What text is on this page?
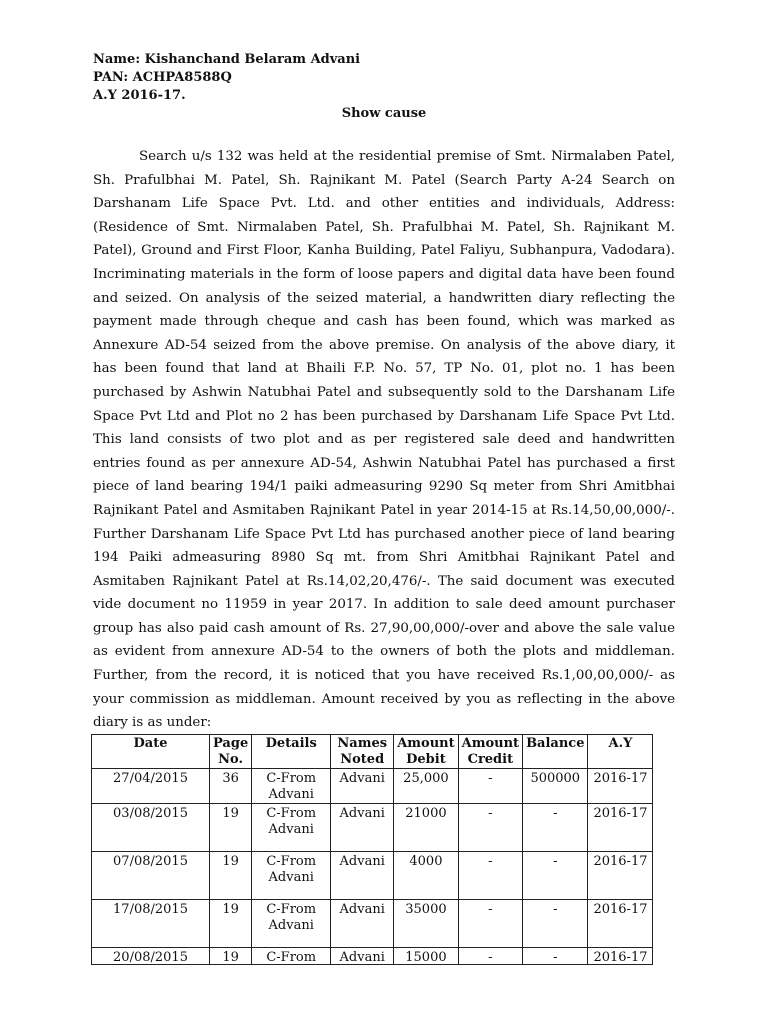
Name: Kishanchand Belaram Advani
PAN: ACHPA8588Q
A.Y 2016-17.
Show cause

Search u/s 132 was held at the residential premise of Smt. Nirmalaben Patel, Sh. Prafulbhai M. Patel, Sh. Rajnikant M. Patel (Search Party A-24 Search on Darshanam Life Space Pvt. Ltd. and other entities and individuals, Address: (Residence of Smt. Nirmalaben Patel, Sh. Prafulbhai M. Patel, Sh. Rajnikant M. Patel), Ground and First Floor, Kanha Building, Patel Faliyu, Subhanpura, Vadodara). Incriminating materials in the form of loose papers and digital data have been found and seized. On analysis of the seized material, a handwritten diary reflecting the payment made through cheque and cash has been found, which was marked as Annexure AD-54 seized from the above premise. On analysis of the above diary, it has been found that land at Bhaili F.P. No. 57, TP No. 01, plot no. 1 has been purchased by Ashwin Natubhai Patel and subsequently sold to the Darshanam Life Space Pvt Ltd and Plot no 2 has been purchased by Darshanam Life Space Pvt Ltd. This land consists of two plot and as per registered sale deed and handwritten entries found as per annexure AD-54, Ashwin Natubhai Patel has purchased a first piece of land bearing 194/1 paiki admeasuring 9290 Sq meter from Shri Amitbhai Rajnikant Patel and Asmitaben Rajnikant Patel in year 2014-15 at Rs.14,50,00,000/-. Further Darshanam Life Space Pvt Ltd has purchased another piece of land bearing 194 Paiki admeasuring 8980 Sq mt. from Shri Amitbhai Rajnikant Patel and Asmitaben Rajnikant Patel at Rs.14,02,20,476/-. The said document was executed vide document no 11959 in year 2017. In addition to sale deed amount purchaser group has also paid cash amount of Rs. 27,90,00,000/-over and above the sale value as evident from annexure AD-54 to the owners of both the plots and middleman. Further, from the record, it is noticed that you have received Rs.1,00,00,000/- as your commission as middleman. Amount received by you as reflecting in the above diary is as under:

Date	Page No.	Details	Names Noted	Amount Debit	Amount Credit	Balance	A.Y
27/04/2015	36	C-From Advani	Advani	25,000	-	500000	2016-17
03/08/2015	19	C-From Advani	Advani	21000	-	-	2016-17
07/08/2015	19	C-From Advani	Advani	4000	-	-	2016-17
17/08/2015	19	C-From Advani	Advani	35000	-	-	2016-17

20/08/2015	19	C-From	Advani	15000	-	-	2016-17
